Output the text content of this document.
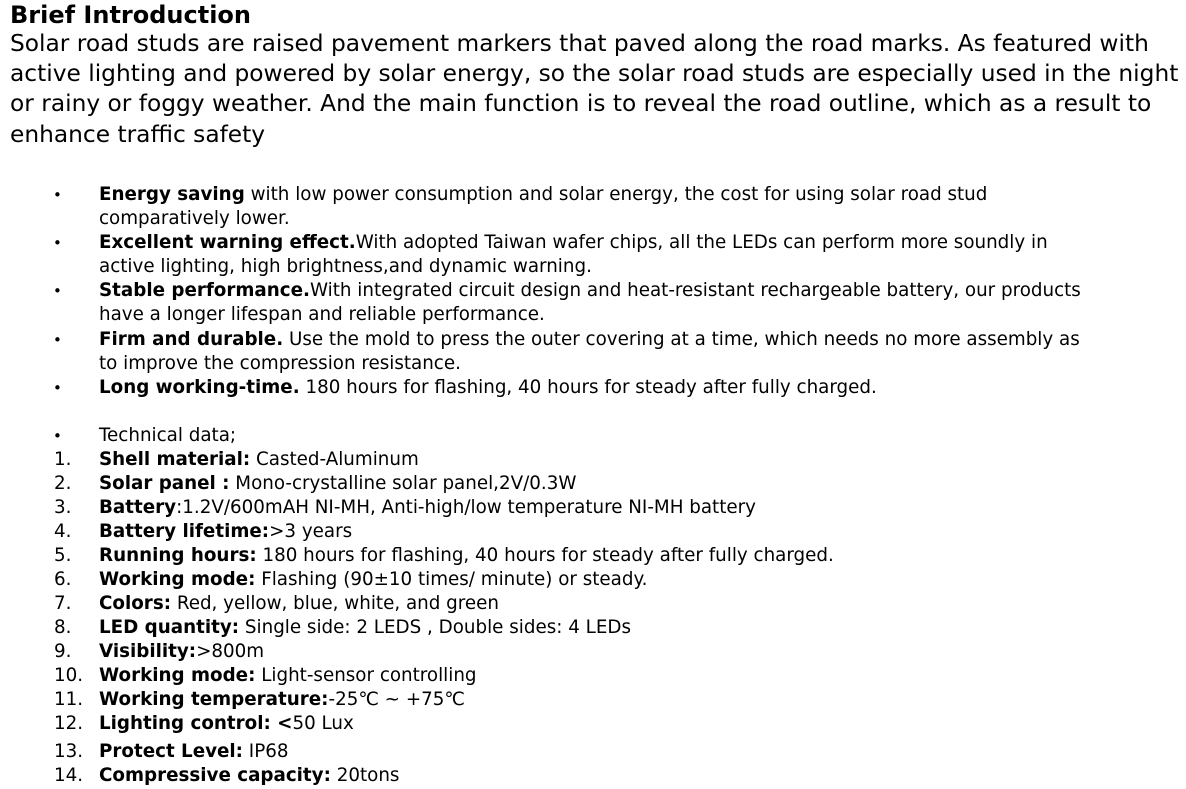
Brief Introduction

Solar road studs are raised pavement markers that paved along the road marks. As featured with active lighting and powered by solar energy, so the solar road studs are especially used in the night or rainy or foggy weather. And the main function is to reveal the road outline, which as a result to enhance traffic safety

•	Energy saving with low power consumption and solar energy, the cost for using solar road stud
comparatively lower.
•	Excellent warning effect.With adopted Taiwan wafer chips, all the LEDs can perform more soundly in
active lighting, high brightness,and dynamic warning.
•	Stable performance.With integrated circuit design and heat-resistant rechargeable battery, our products
have a longer lifespan and reliable performance.
•	Firm and durable. Use the mold to press the outer covering at a time, which needs no more assembly as
to improve the compression resistance.
•	Long working-time. 180 hours for flashing, 40 hours for steady after fully charged.
•	Technical data;
1.	Shell material: Casted-Aluminum
2.	Solar panel : Mono-crystalline solar panel,2V/0.3W
3.	Battery:1.2V/600mAH NI-MH, Anti-high/low temperature NI-MH battery
4.	Battery lifetime:>3 years
5.	Running hours: 180 hours for flashing, 40 hours for steady after fully charged.
6.	Working mode: Flashing (90±10 times/ minute) or steady.
7.	Colors: Red, yellow, blue, white, and green
8.	LED quantity: Single side: 2 LEDS , Double sides: 4 LEDs
9.	Visibility:>800m
10. Working mode: Light-sensor controlling
11. Working temperature:-25℃ ~ +75℃
12. Lighting control: <50 Lux
13. Protect Level: IP68
14. Compressive capacity: 20tons
